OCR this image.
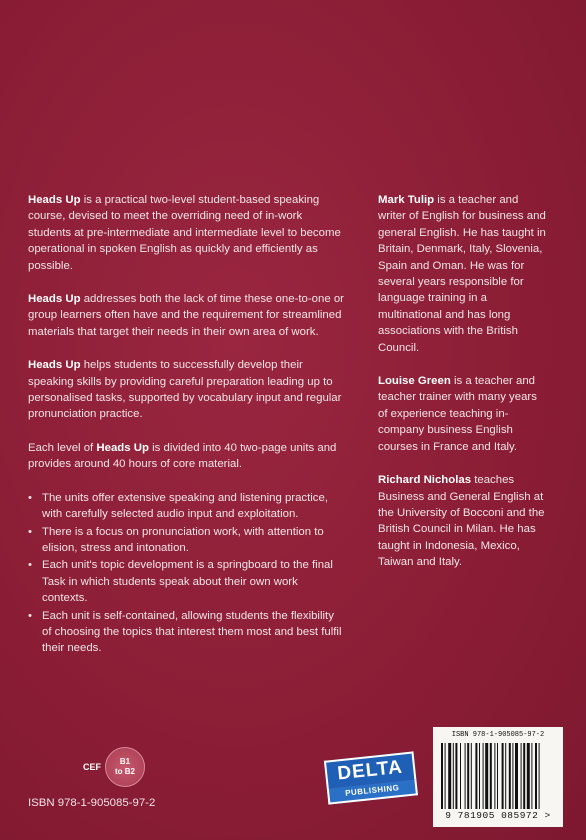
Heads Up is a practical two-level student-based speaking course, devised to meet the overriding need of in-work students at pre-intermediate and intermediate level to become operational in spoken English as quickly and efficiently as possible.

Heads Up addresses both the lack of time these one-to-one or group learners often have and the requirement for streamlined materials that target their needs in their own area of work.

Heads Up helps students to successfully develop their speaking skills by providing careful preparation leading up to personalised tasks, supported by vocabulary input and regular pronunciation practice.

Each level of Heads Up is divided into 40 two-page units and provides around 40 hours of core material.

• The units offer extensive speaking and listening practice, with carefully selected audio input and exploitation.
• There is a focus on pronunciation work, with attention to elision, stress and intonation.
• Each unit's topic development is a springboard to the final Task in which students speak about their own work contexts.
• Each unit is self-contained, allowing students the flexibility of choosing the topics that interest them most and best fulfil their needs.

Mark Tulip is a teacher and writer of English for business and general English. He has taught in Britain, Denmark, Italy, Slovenia, Spain and Oman. He was for several years responsible for language training in a multinational and has long associations with the British Council.

Louise Green is a teacher and teacher trainer with many years of experience teaching in-company business English courses in France and Italy.

Richard Nicholas teaches Business and General English at the University of Bocconi and the British Council in Milan. He has taught in Indonesia, Mexico, Taiwan and Italy.

CEF
B1
to B2
ISBN 978-1-905085-97-2
DELTA
PUBLISHING
ISBN 978-1-905085-97-2
9 781905 085972 >
